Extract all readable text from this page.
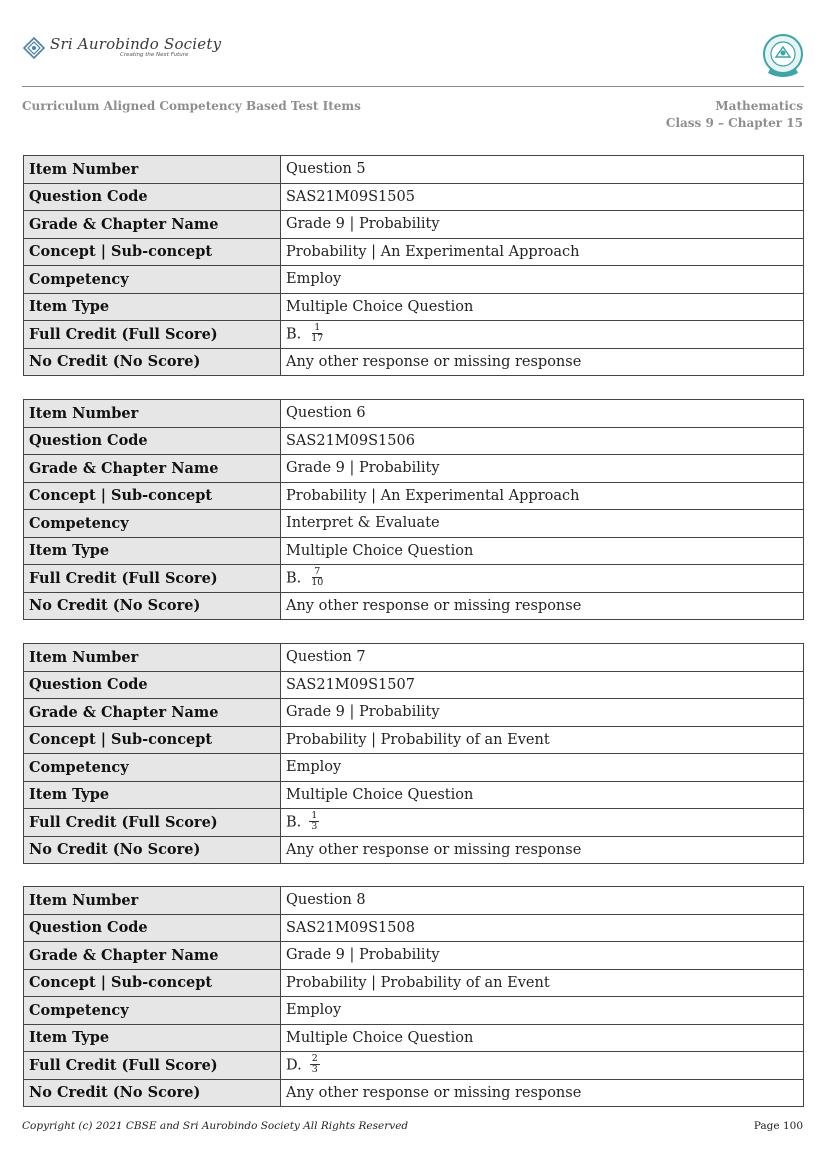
Sri Aurobindo Society
Creating the Next Future
Curriculum Aligned Competency Based Test Items	Mathematics
Class 9 – Chapter 15
Item Number	Question 5
Question Code	SAS21M09S1505
Grade & Chapter Name	Grade 9 | Probability
Concept | Sub-concept	Probability | An Experimental Approach
Competency	Employ
Item Type	Multiple Choice Question
Full Credit (Full Score)	B. $\frac{1}{17}$

No Credit (No Score)	Any other response or missing response
Item Number	Question 6
Question Code	SAS21M09S1506
Grade & Chapter Name	Grade 9 | Probability
Concept | Sub-concept	Probability | An Experimental Approach
Competency	Interpret & Evaluate
Item Type	Multiple Choice Question
Full Credit (Full Score)	B. $\frac{7}{10}$

No Credit (No Score)	Any other response or missing response
Item Number	Question 7
Question Code	SAS21M09S1507
Grade & Chapter Name	Grade 9 | Probability
Concept | Sub-concept	Probability | Probability of an Event
Competency	Employ
Item Type	Multiple Choice Question
Full Credit (Full Score)	B. $\frac{1}{3}$

No Credit (No Score)	Any other response or missing response
Item Number	Question 8
Question Code	SAS21M09S1508
Grade & Chapter Name	Grade 9 | Probability
Concept | Sub-concept	Probability | Probability of an Event
Competency	Employ
Item Type	Multiple Choice Question
Full Credit (Full Score)	D. $\frac{2}{3}$

No Credit (No Score)	Any other response or missing response
Copyright (c) 2021 CBSE and Sri Aurobindo Society All Rights Reserved	Page 100
